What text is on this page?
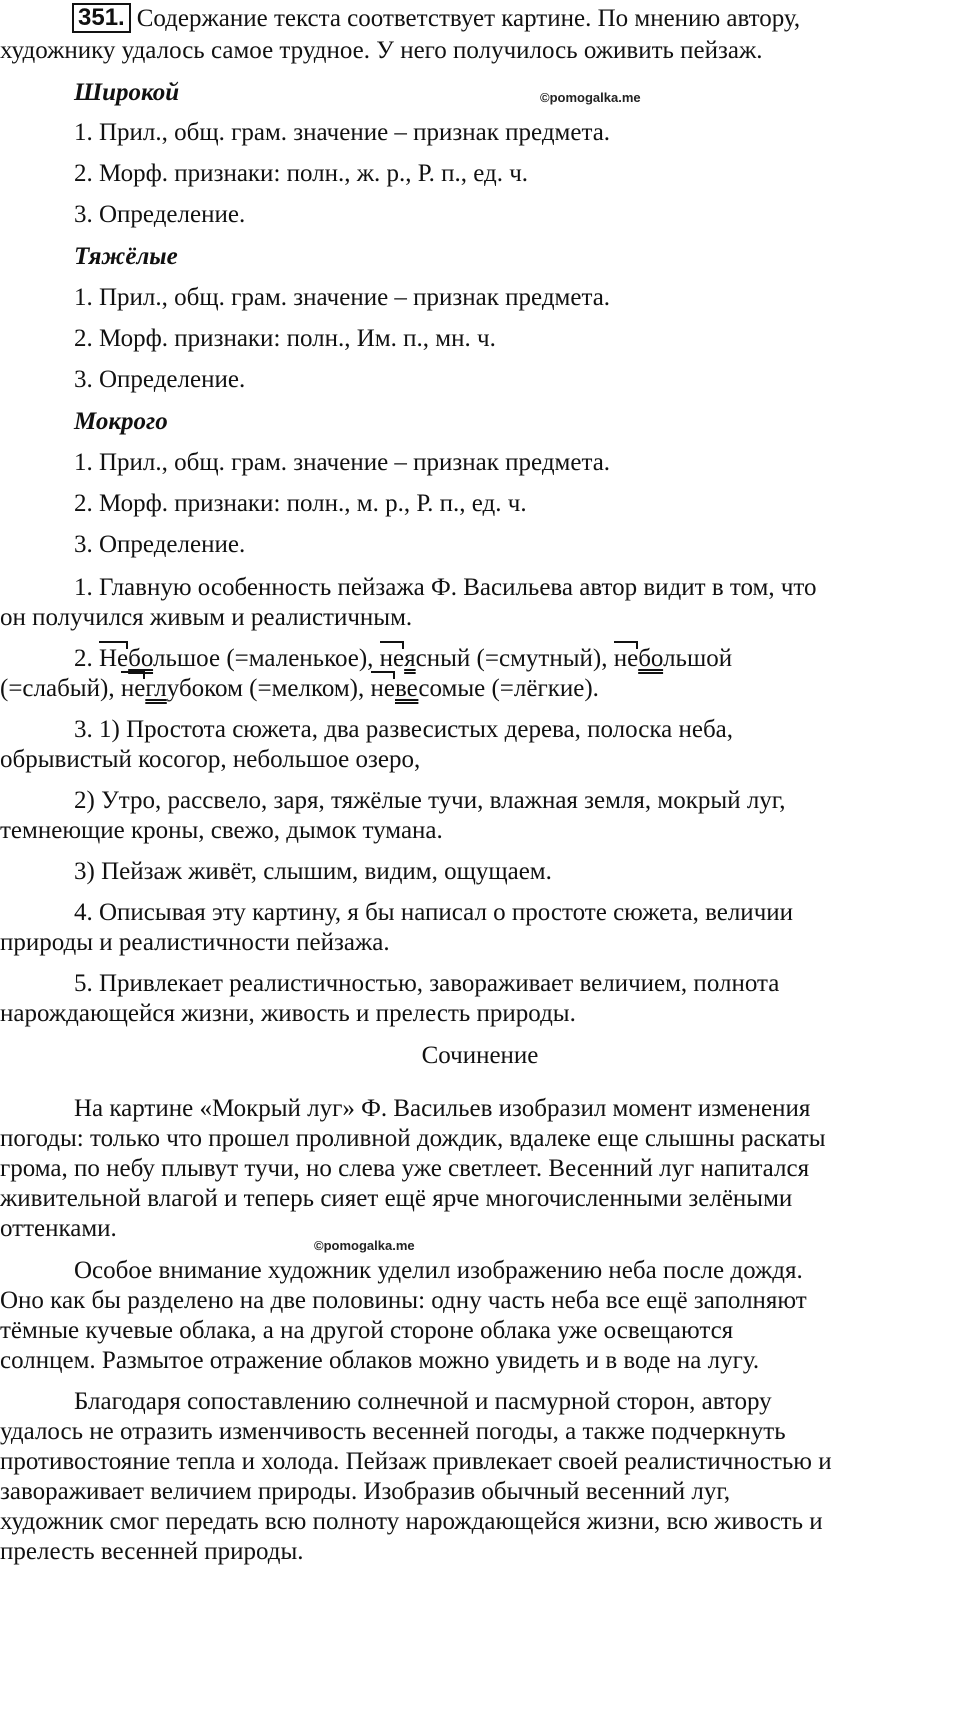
351. Содержание текста соответствует картине. По мнению автору,
художнику удалось самое трудное. У него получилось оживить пейзаж.
Широкой	©pomogalka.me
1. Прил., общ. грам. значение – признак предмета.
2. Морф. признаки: полн., ж. р., Р. п., ед. ч.
3. Определение.
Тяжёлые
1. Прил., общ. грам. значение – признак предмета.
2. Морф. признаки: полн., Им. п., мн. ч.
3. Определение.
Мокрого
1. Прил., общ. грам. значение – признак предмета.
2. Морф. признаки: полн., м. р., Р. п., ед. ч.
3. Определение.
1. Главную особенность пейзажа Ф. Васильева автор видит в том, что
он получился живым и реалистичным.
2. Небольшое (=маленькое), неясный (=смутный), небольшой
(=слабый), неглубоком (=мелком), невесомые (=лёгкие).
3. 1) Простота сюжета, два развесистых дерева, полоска неба,
обрывистый косогор, небольшое озеро,
2) Утро, рассвело, заря, тяжёлые тучи, влажная земля, мокрый луг,
темнеющие кроны, свежо, дымок тумана.
3) Пейзаж живёт, слышим, видим, ощущаем.
4. Описывая эту картину, я бы написал о простоте сюжета, величии
природы и реалистичности пейзажа.
5. Привлекает реалистичностью, завораживает величием, полнота
нарождающейся жизни, живость и прелесть природы.
Сочинение
На картине «Мокрый луг» Ф. Васильев изобразил момент изменения
погоды: только что прошел проливной дождик, вдалеке еще слышны раскаты
грома, по небу плывут тучи, но слева уже светлеет. Весенний луг напитался
живительной влагой и теперь сияет ещё ярче многочисленными зелёными
оттенками.
©pomogalka.me
Особое внимание художник уделил изображению неба после дождя.
Оно как бы разделено на две половины: одну часть неба все ещё заполняют
тёмные кучевые облака, а на другой стороне облака уже освещаются
солнцем. Размытое отражение облаков можно увидеть и в воде на лугу.
Благодаря сопоставлению солнечной и пасмурной сторон, автору
удалось не отразить изменчивость весенней погоды, а также подчеркнуть
противостояние тепла и холода. Пейзаж привлекает своей реалистичностью и
завораживает величием природы. Изобразив обычный весенний луг,
художник смог передать всю полноту нарождающейся жизни, всю живость и
прелесть весенней природы.
